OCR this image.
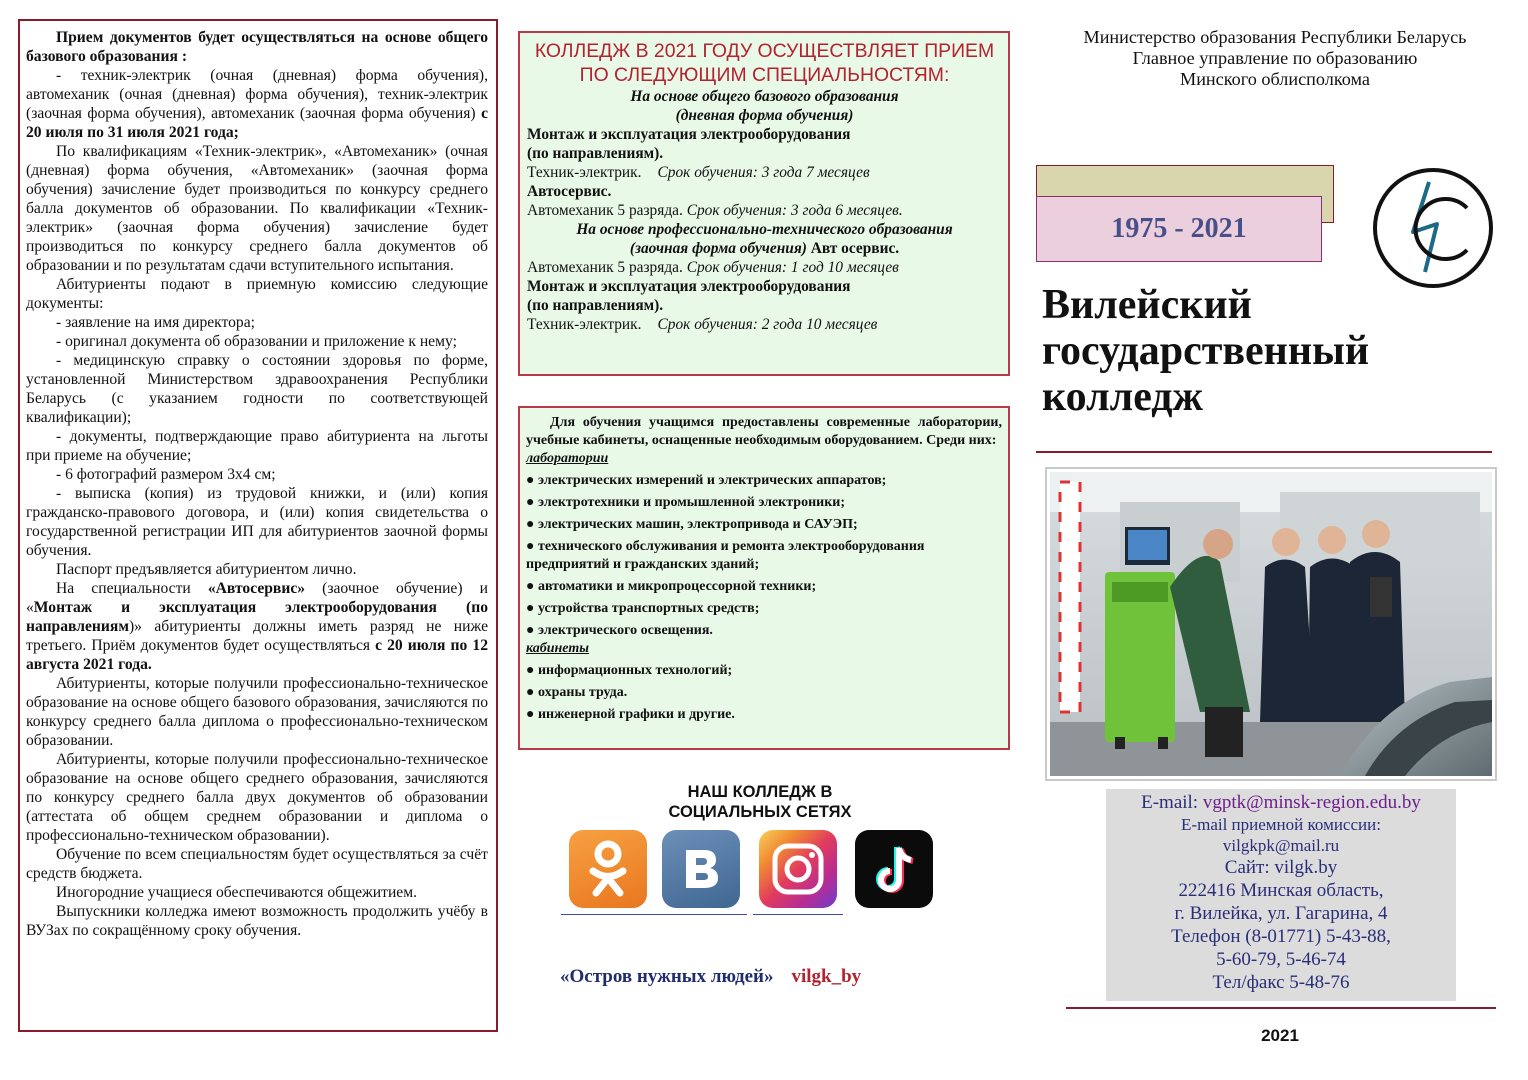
Прием документов будет осуществляться на основе общего базового образования :

- техник-электрик (очная (дневная) форма обучения), автомеханик (очная (дневная) форма обучения), техник-электрик (заочная форма обучения), автомеханик (заочная форма обучения) с 20 июля по 31 июля 2021 года;

По квалификациям «Техник-электрик», «Автомеханик» (очная (дневная) форма обучения, «Автомеханик» (заочная форма обучения) зачисление будет производиться по конкурсу среднего балла документов об образовании. По квалификации «Техник-электрик» (заочная форма обучения) зачисление будет производиться по конкурсу среднего балла документов об образовании и по результатам сдачи вступительного испытания.

Абитуриенты подают в приемную комиссию следующие документы:

- заявление на имя директора;

- оригинал документа об образовании и приложение к нему;

- медицинскую справку о состоянии здоровья по форме, установленной Министерством здравоохранения Республики Беларусь (с указанием годности по соответствующей квалификации);

- документы, подтверждающие право абитуриента на льготы при приеме на обучение;

- 6 фотографий размером 3х4 см;

- выписка (копия) из трудовой книжки, и (или) копия гражданско-правового договора, и (или) копия свидетельства о государственной регистрации ИП для абитуриентов заочной формы обучения.

Паспорт предъявляется абитуриентом лично.

На специальности «Автосервис» (заочное обучение) и «Монтаж и эксплуатация электрооборудования (по направлениям)» абитуриенты должны иметь разряд не ниже третьего. Приём документов будет осуществляться с 20 июля по 12 августа 2021 года.

Абитуриенты, которые получили профессионально-техническое образование на основе общего базового образования, зачисляются по конкурсу среднего балла диплома о профессионально-техническом образовании.

Абитуриенты, которые получили профессионально-техническое образование на основе общего среднего образования, зачисляются по конкурсу среднего балла двух документов об образовании (аттестата об общем среднем образовании и диплома о профессионально-техническом образовании).

Обучение по всем специальностям будет осуществляться за счёт средств бюджета.

Иногородние учащиеся обеспечиваются общежитием.

Выпускники колледжа имеют возможность продолжить учёбу в ВУЗах по сокращённому сроку обучения.

КОЛЛЕДЖ В 2021 ГОДУ ОСУЩЕСТВЛЯЕТ ПРИЕМ ПО СЛЕДУЮЩИМ СПЕЦИАЛЬНОСТЯМ:
На основе общего базового образования
(дневная форма обучения)
Монтаж и эксплуатация электрооборудования
(по направлениям).
Техник-электрик. Срок обучения: 3 года 7 месяцев
Автосервис.
Автомеханик 5 разряда. Срок обучения: 3 года 6 месяцев.
На основе профессионально-технического образования
(заочная форма обучения) Авт осервис.
Автомеханик 5 разряда. Срок обучения: 1 год 10 месяцев
Монтаж и эксплуатация электрооборудования
(по направлениям).
Техник-электрик. Срок обучения: 2 года 10 месяцев
Для обучения учащимся предоставлены современные лаборатории, учебные кабинеты, оснащенные необходимым оборудованием. Среди них:
лаборатории
● электрических измерений и электрических аппаратов;
● электротехники и промышленной электроники;
● электрических машин, электропривода и САУЭП;
● технического обслуживания и ремонта электрооборудования предприятий и гражданских зданий;
● автоматики и микропроцессорной техники;
● устройства транспортных средств;
● электрического освещения.
кабинеты
● информационных технологий;
● охраны труда.
● инженерной графики и другие.
НАШ КОЛЛЕДЖ В
СОЦИАЛЬНЫХ СЕТЯХ
«Остров нужных людей» vilgk_by
Министерство образования Республики Беларусь
Главное управление по образованию
Минского облисполкома
1975 - 2021
Вилейский
государственный
колледж
E-mail: vgptk@minsk-region.edu.by
E-mail приемной комиссии:
vilgkpk@mail.ru
Сайт: vilgk.by
222416 Минская область,
г. Вилейка, ул. Гагарина, 4
Телефон (8-01771) 5-43-88,
5-60-79, 5-46-74
Тел/факс 5-48-76
2021
